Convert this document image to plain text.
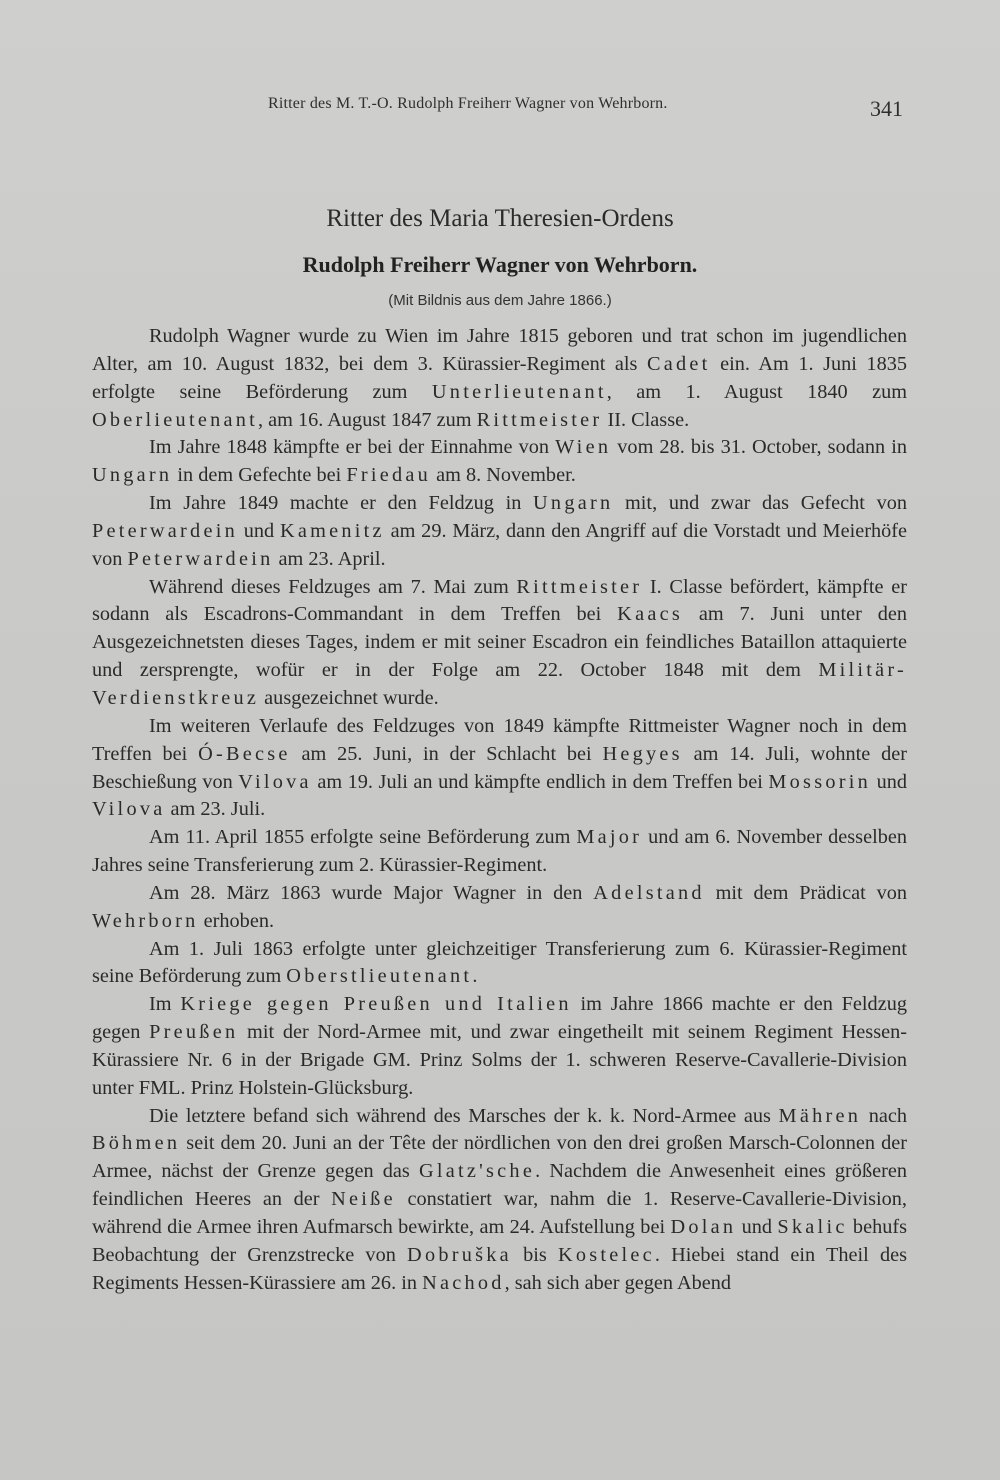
Ritter des M. T.-O. Rudolph Freiherr Wagner von Wehrborn.	341
Ritter des Maria Theresien-Ordens
Rudolph Freiherr Wagner von Wehrborn.
(Mit Bildnis aus dem Jahre 1866.)

Rudolph Wagner wurde zu Wien im Jahre 1815 geboren und trat schon im jugendlichen Alter, am 10. August 1832, bei dem 3. Kürassier-Regiment als Cadet ein. Am 1. Juni 1835 erfolgte seine Beförderung zum Unterlieutenant, am 1. August 1840 zum Oberlieutenant, am 16. August 1847 zum Rittmeister II. Classe.

Im Jahre 1848 kämpfte er bei der Einnahme von Wien vom 28. bis 31. October, sodann in Ungarn in dem Gefechte bei Friedau am 8. November.

Im Jahre 1849 machte er den Feldzug in Ungarn mit, und zwar das Gefecht von Peterwardein und Kamenitz am 29. März, dann den Angriff auf die Vorstadt und Meierhöfe von Peterwardein am 23. April.

Während dieses Feldzuges am 7. Mai zum Rittmeister I. Classe befördert, kämpfte er sodann als Escadrons-Commandant in dem Treffen bei Kaacs am 7. Juni unter den Ausgezeichnetsten dieses Tages, indem er mit seiner Escadron ein feindliches Bataillon attaquierte und zersprengte, wofür er in der Folge am 22. October 1848 mit dem Militär-Verdienstkreuz ausgezeichnet wurde.

Im weiteren Verlaufe des Feldzuges von 1849 kämpfte Rittmeister Wagner noch in dem Treffen bei Ó-Becse am 25. Juni, in der Schlacht bei Hegyes am 14. Juli, wohnte der Beschießung von Vilova am 19. Juli an und kämpfte endlich in dem Treffen bei Mossorin und Vilova am 23. Juli.

Am 11. April 1855 erfolgte seine Beförderung zum Major und am 6. November desselben Jahres seine Transferierung zum 2. Kürassier-Regiment.

Am 28. März 1863 wurde Major Wagner in den Adelstand mit dem Prädicat von Wehrborn erhoben.

Am 1. Juli 1863 erfolgte unter gleichzeitiger Transferierung zum 6. Kürassier-Regiment seine Beförderung zum Oberstlieutenant.

Im Kriege gegen Preußen und Italien im Jahre 1866 machte er den Feldzug gegen Preußen mit der Nord-Armee mit, und zwar eingetheilt mit seinem Regiment Hessen-Kürassiere Nr. 6 in der Brigade GM. Prinz Solms der 1. schweren Reserve-Cavallerie-Division unter FML. Prinz Holstein-Glücksburg.

Die letztere befand sich während des Marsches der k. k. Nord-Armee aus Mähren nach Böhmen seit dem 20. Juni an der Tête der nördlichen von den drei großen Marsch-Colonnen der Armee, nächst der Grenze gegen das Glatz'sche. Nachdem die Anwesenheit eines größeren feindlichen Heeres an der Neiße constatiert war, nahm die 1. Reserve-Cavallerie-Division, während die Armee ihren Aufmarsch bewirkte, am 24. Aufstellung bei Dolan und Skalic behufs Beobachtung der Grenzstrecke von Dobruška bis Kostelec. Hiebei stand ein Theil des Regiments Hessen-Kürassiere am 26. in Nachod, sah sich aber gegen Abend
